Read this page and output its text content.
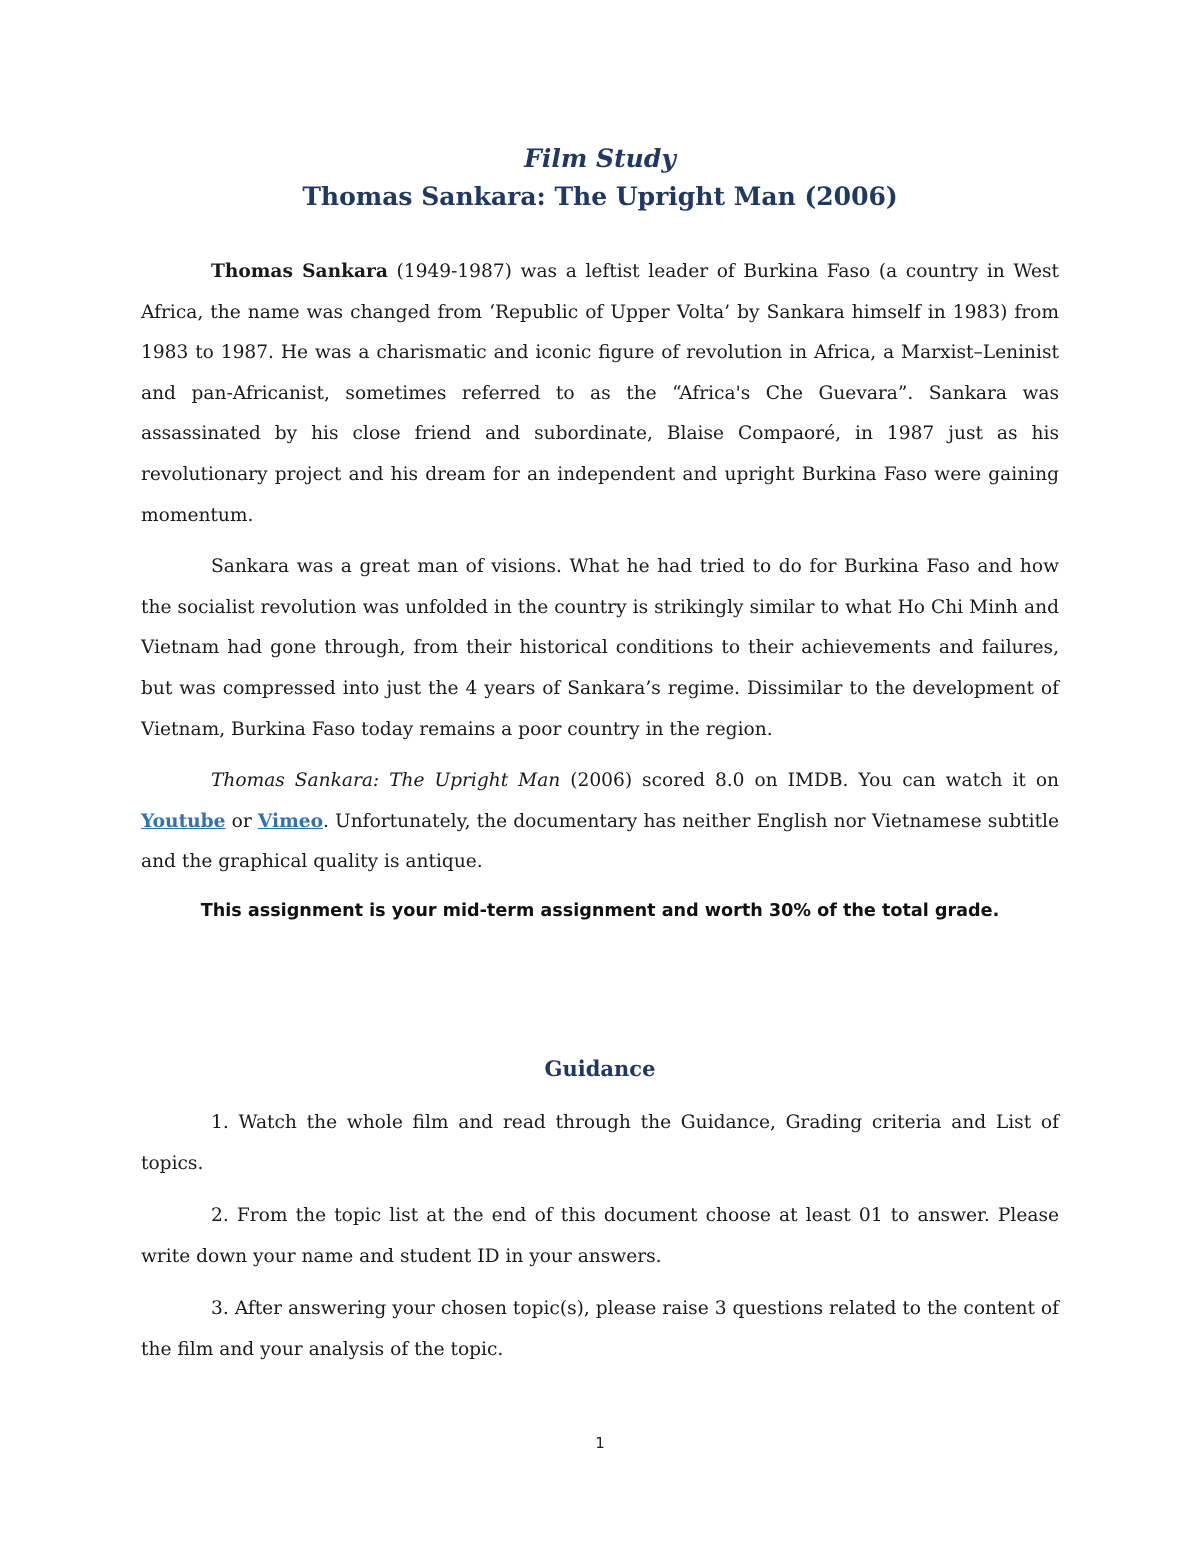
Film Study

Thomas Sankara: The Upright Man (2006)

Thomas Sankara (1949-1987) was a leftist leader of Burkina Faso (a country in West Africa, the name was changed from ‘Republic of Upper Volta’ by Sankara himself in 1983) from 1983 to 1987. He was a charismatic and iconic figure of revolution in Africa, a Marxist–Leninist and pan-Africanist, sometimes referred to as the “Africa's Che Guevara”. Sankara was assassinated by his close friend and subordinate, Blaise Compaoré, in 1987 just as his revolutionary project and his dream for an independent and upright Burkina Faso were gaining momentum.

Sankara was a great man of visions. What he had tried to do for Burkina Faso and how the socialist revolution was unfolded in the country is strikingly similar to what Ho Chi Minh and Vietnam had gone through, from their historical conditions to their achievements and failures, but was compressed into just the 4 years of Sankara’s regime. Dissimilar to the development of Vietnam, Burkina Faso today remains a poor country in the region.

Thomas Sankara: The Upright Man (2006) scored 8.0 on IMDB. You can watch it on Youtube or Vimeo. Unfortunately, the documentary has neither English nor Vietnamese subtitle and the graphical quality is antique.

This assignment is your mid-term assignment and worth 30% of the total grade.

Guidance

1. Watch the whole film and read through the Guidance, Grading criteria and List of topics.

2. From the topic list at the end of this document choose at least 01 to answer. Please write down your name and student ID in your answers.

3. After answering your chosen topic(s), please raise 3 questions related to the content of the film and your analysis of the topic.

1
